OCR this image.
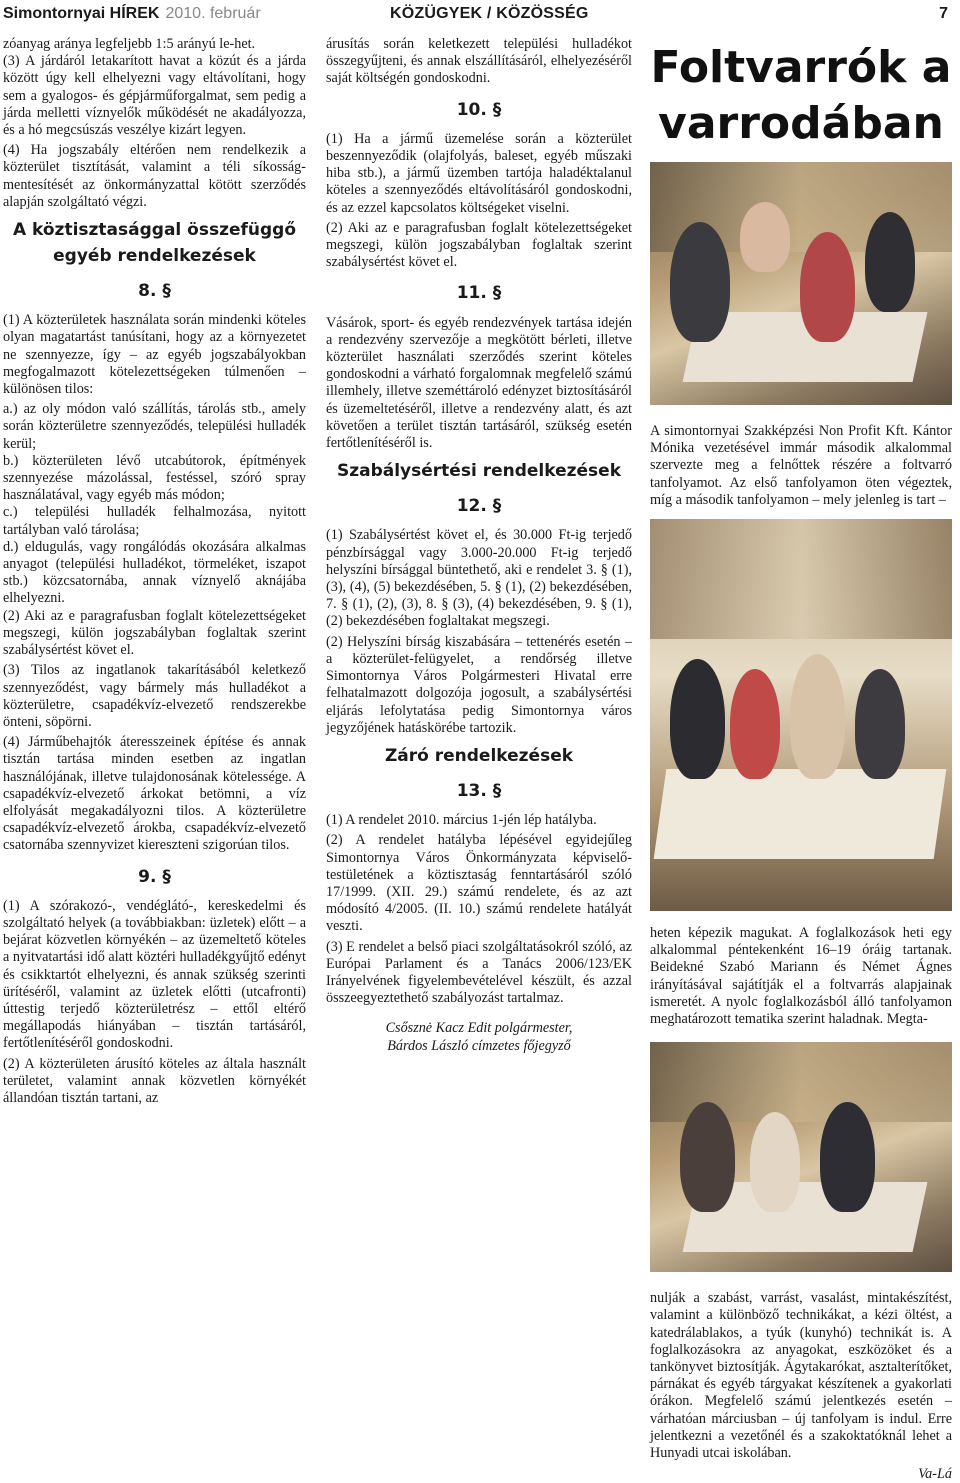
Simontornyai HÍREK 2010. február	KÖZÜGYEK / KÖZÖSSÉG	7

zóanyag aránya legfeljebb 1:5 arányú le-het.

(3) A járdáról letakarított havat a közút és a járda között úgy kell elhelyezni vagy eltávolítani, hogy sem a gyalogos- és gépjárműforgalmat, sem pedig a járda melletti víznyelők működését ne akadályozza, és a hó megcsúszás veszélye kizárt legyen.

(4) Ha jogszabály eltérően nem rendelkezik a közterület tisztítását, valamint a téli síkosság-mentesítését az önkormányzattal kötött szerződés alapján szolgáltató végzi.

A köztisztasággal összefüggő egyéb rendelkezések
8. §

(1) A közterületek használata során mindenki köteles olyan magatartást tanúsítani, hogy az a környezetet ne szennyezze, így – az egyéb jogszabályokban megfogalmazott kötelezettségeken túlmenően – különösen tilos:

a.) az oly módon való szállítás, tárolás stb., amely során közterületre szennyeződés, települési hulladék kerül;

b.) közterületen lévő utcabútorok, építmények szennyezése mázolással, festéssel, szóró spray használatával, vagy egyéb más módon;

c.) települési hulladék felhalmozása, nyitott tartályban való tárolása;

d.) eldugulás, vagy rongálódás okozására alkalmas anyagot (települési hulladékot, törmeléket, iszapot stb.) közcsatornába, annak víznyelő aknájába elhelyezni.

(2) Aki az e paragrafusban foglalt kötelezettségeket megszegi, külön jogszabályban foglaltak szerint szabálysértést követ el.

(3) Tilos az ingatlanok takarításából keletkező szennyeződést, vagy bármely más hulladékot a közterületre, csapadékvíz-elvezető rendszerekbe önteni, söpörni.

(4) Járműbehajtók áteresszeinek építése és annak tisztán tartása minden esetben az ingatlan használójának, illetve tulajdonosának kötelessége. A csapadékvíz-elvezető árkokat betömni, a víz elfolyását megakadályozni tilos. A közterületre csapadékvíz-elvezető árokba, csapadékvíz-elvezető csatornába szennyvizet kiereszteni szigorúan tilos.

9. §

(1) A szórakozó-, vendéglátó-, kereskedelmi és szolgáltató helyek (a továbbiakban: üzletek) előtt – a bejárat közvetlen környékén – az üzemeltető köteles a nyitvatartási idő alatt köztéri hulladékgyűjtő edényt és csikktartót elhelyezni, és annak szükség szerinti ürítéséről, valamint az üzletek előtti (utcafronti) úttestig terjedő közterületrész – ettől eltérő megállapodás hiányában – tisztán tartásáról, fertőtlenítéséről gondoskodni.

(2) A közterületen árusító köteles az általa használt területet, valamint annak közvetlen környékét állandóan tisztán tartani, az

árusítás során keletkezett települési hulladékot összegyűjteni, és annak elszállításáról, elhelyezéséről saját költségén gondoskodni.

10. §

(1) Ha a jármű üzemelése során a közterület beszennyeződik (olajfolyás, baleset, egyéb műszaki hiba stb.), a jármű üzemben tartója haladéktalanul köteles a szennyeződés eltávolításáról gondoskodni, és az ezzel kapcsolatos költségeket viselni.

(2) Aki az e paragrafusban foglalt kötelezettségeket megszegi, külön jogszabályban foglaltak szerint szabálysértést követ el.

11. §

Vásárok, sport- és egyéb rendezvények tartása idején a rendezvény szervezője a megkötött bérleti, illetve közterület használati szerződés szerint köteles gondoskodni a várható forgalomnak megfelelő számú illemhely, illetve szeméttároló edényzet biztosításáról és üzemeltetéséről, illetve a rendezvény alatt, és azt követően a terület tisztán tartásáról, szükség esetén fertőtlenítéséről is.

Szabálysértési rendelkezések
12. §

(1) Szabálysértést követ el, és 30.000 Ft-ig terjedő pénzbírsággal vagy 3.000-20.000 Ft-ig terjedő helyszíni bírsággal büntethető, aki e rendelet 3. § (1), (3), (4), (5) bekezdésében, 5. § (1), (2) bekezdésében, 7. § (1), (2), (3), 8. § (3), (4) bekezdésében, 9. § (1), (2) bekezdésében foglaltakat megszegi.

(2) Helyszíni bírság kiszabására – tettenérés esetén – a közterület-felügyelet, a rendőrség illetve Simontornya Város Polgármesteri Hivatal erre felhatalmazott dolgozója jogosult, a szabálysértési eljárás lefolytatása pedig Simontornya város jegyzőjének hatáskörébe tartozik.

Záró rendelkezések
13. §

(1) A rendelet 2010. március 1-jén lép hatályba.

(2) A rendelet hatályba lépésével egyidejűleg Simontornya Város Önkormányzata képviselő-testületének a köztisztaság fenntartásáról szóló 17/1999. (XII. 29.) számú rendelete, és az azt módosító 4/2005. (II. 10.) számú rendelete hatályát veszti.

(3) E rendelet a belső piaci szolgáltatásokról szóló, az Európai Parlament és a Tanács 2006/123/EK Irányelvének figyelembevételével készült, és azzal összeegyeztethető szabályozást tartalmaz.

Csősznė Kacz Edit polgármester,
Bárdos László címzetes főjegyző
Foltvarrók a varrodában

A simontornyai Szakképzési Non Profit Kft. Kántor Mónika vezetésével immár második alkalommal szervezte meg a felnőttek részére a foltvarró tanfolyamot. Az első tanfolyamon öten végeztek, míg a második tanfolyamon – mely jelenleg is tart –

heten képezik magukat. A foglalkozások heti egy alkalommal péntekenként 16–19 óráig tartanak. Beidekné Szabó Mariann és Német Ágnes irányításával sajátítják el a foltvarrás alapjainak ismeretét. A nyolc foglalkozásból álló tanfolyamon meghatározott tematika szerint haladnak. Megta-

nulják a szabást, varrást, vasalást, mintakészítést, valamint a különböző technikákat, a kézi öltést, a katedrálablakos, a tyúk (kunyhó) technikát is. A foglalkozásokra az anyagokat, eszközöket és a tankönyvet biztosítják. Ágytakarókat, asztalterítőket, párnákat és egyéb tárgyakat készítenek a gyakorlati órákon. Megfelelő számú jelentkezés esetén – várhatóan márciusban – új tanfolyam is indul. Erre jelentkezni a vezetőnél és a szakoktatóknál lehet a Hunyadi utcai iskolában.

Va-Lá
